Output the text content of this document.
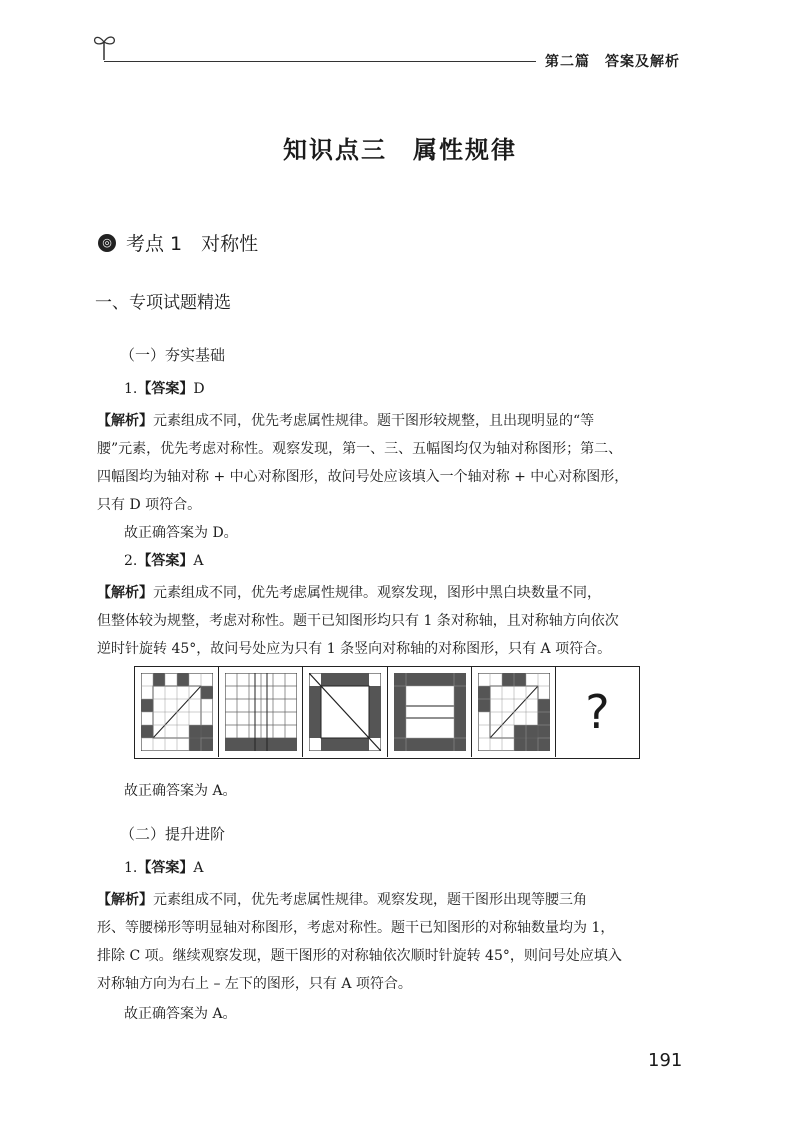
第二篇　答案及解析
知识点三　属性规律
◎ 考点 1　对称性
一、专项试题精选
（一）夯实基础
1.【答案】D
【解析】元素组成不同，优先考虑属性规律。题干图形较规整，且出现明显的“等
腰”元素，优先考虑对称性。观察发现，第一、三、五幅图均仅为轴对称图形；第二、
四幅图均为轴对称 + 中心对称图形，故问号处应该填入一个轴对称 + 中心对称图形，
只有 D 项符合。
故正确答案为 D。
2.【答案】A
【解析】元素组成不同，优先考虑属性规律。观察发现，图形中黑白块数量不同，
但整体较为规整，考虑对称性。题干已知图形均只有 1 条对称轴，且对称轴方向依次
逆时针旋转 45°，故问号处应为只有 1 条竖向对称轴的对称图形，只有 A 项符合。
?
故正确答案为 A。
（二）提升进阶
1.【答案】A
【解析】元素组成不同，优先考虑属性规律。观察发现，题干图形出现等腰三角
形、等腰梯形等明显轴对称图形，考虑对称性。题干已知图形的对称轴数量均为 1，
排除 C 项。继续观察发现，题干图形的对称轴依次顺时针旋转 45°，则问号处应填入
对称轴方向为右上 – 左下的图形，只有 A 项符合。
故正确答案为 A。
191
